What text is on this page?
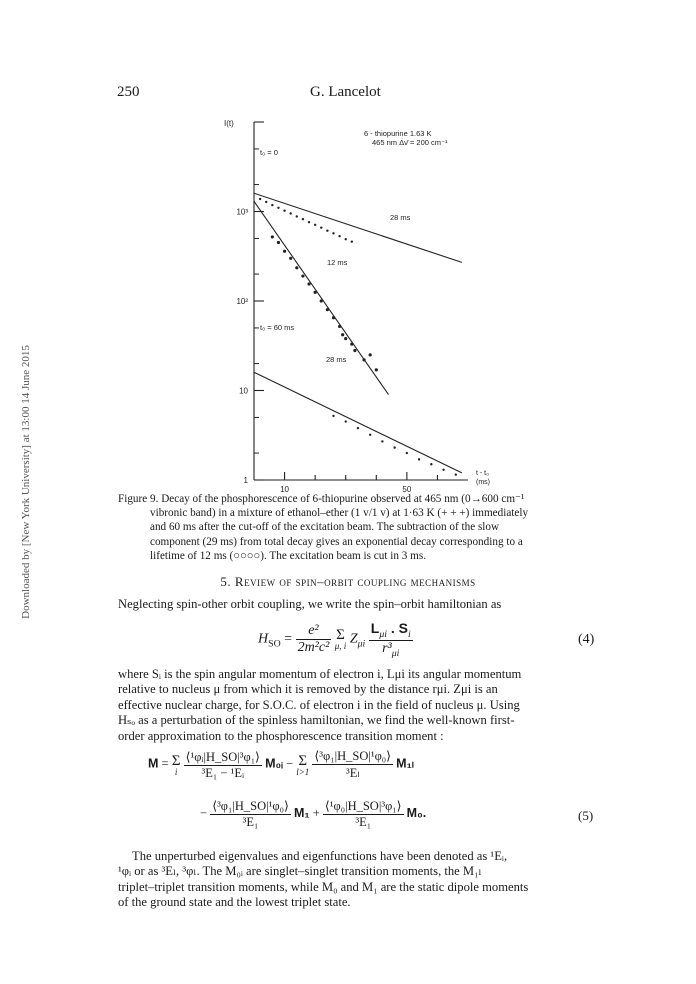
Downloaded by [New York University] at 13:00 14 June 2015
250	G. Lancelot
10³
10²
10
1
10	50
I(t)
6 - thiopurine 1.63 K
465 nm Δν̄ = 200 cm⁻¹
t₀ = 0
28 ms
12 ms
t₀ = 60 ms
28 ms
t - t₀
(ms)
Figure 9. Decay of the phosphorescence of 6-thiopurine observed at 465 nm (0→600 cm⁻¹
vibronic band) in a mixture of ethanol–ether (1 v/1 v) at 1·63 K (+ + +) immediately
and 60 ms after the cut-off of the excitation beam. The subtraction of the slow
component (29 ms) from total decay gives an exponential decay corresponding to a
lifetime of 12 ms (○○○○). The excitation beam is cut in 3 ms.
5. Review of spin–orbit coupling mechanisms
Neglecting spin-other orbit coupling, we write the spin–orbit hamiltonian as
$H_{SO} = \frac{\text{e²}}{\text{2m²c²}}$
Σ
μ, i $Z_{\mu i} \frac{L_{\mu i} . S_i}{r^3_{\mu i}}$	(4)
where Sᵢ is the spin angular momentum of electron i, Lμi its angular momentum
relative to nucleus μ from which it is removed by the distance rμi. Zμi is an
effective nuclear charge, for S.O.C. of electron i in the field of nucleus μ. Using
Hₛₒ as a perturbation of the spinless hamiltonian, we find the well-known first-
order approximation to the phosphorescence transition moment :
M = Σ
i
$\frac{\text{⟨¹φᵢ|H\_SO|³φ₁⟩}}{\text{³E₁ − ¹Eᵢ}}$ M₀ᵢ − Σ
l>1
$\frac{\text{⟨³φ₁|H\_SO|¹φ₀⟩}}{\text{³Eₗ}} M_{1l}$
− $\frac{\text{⟨³φ₁|H\_SO|¹φ₀⟩}}{\text{³E₁}} M_1 + \frac{\text{⟨¹φ₀|H\_SO|³φ₁⟩}}{\text{³E₁}} M_0$.	(5)
The unperturbed eigenvalues and eigenfunctions have been denoted as ¹Eᵢ,
¹φᵢ or as ³Eₗ, ³φₗ. The M₀ᵢ are singlet–singlet transition moments, the M₁ₗ
triplet–triplet transition moments, while M₀ and M₁ are the static dipole moments
of the ground state and the lowest triplet state.
